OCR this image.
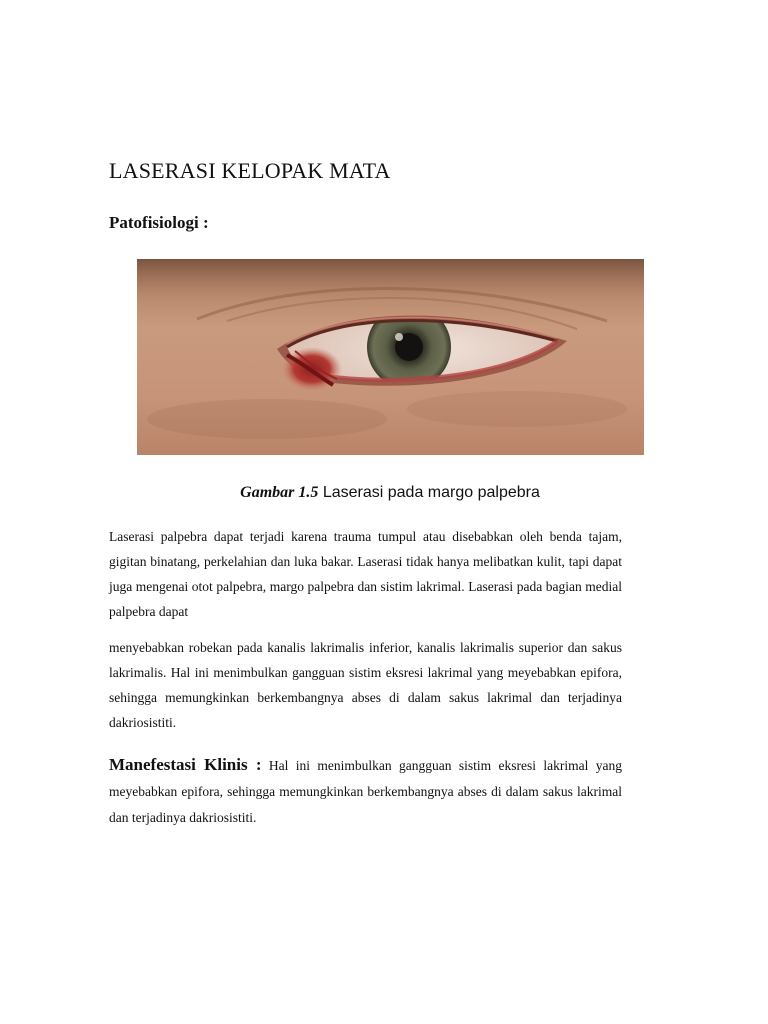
LASERASI KELOPAK MATA
Patofisiologi :
Gambar 1.5 Laserasi pada margo palpebra

Laserasi palpebra dapat terjadi karena trauma tumpul atau disebabkan oleh benda tajam, gigitan binatang, perkelahian dan luka bakar. Laserasi tidak hanya melibatkan kulit, tapi dapat juga mengenai otot palpebra, margo palpebra dan sistim lakrimal. Laserasi pada bagian medial palpebra dapat

menyebabkan robekan pada kanalis lakrimalis inferior, kanalis lakrimalis superior dan sakus lakrimalis. Hal ini menimbulkan gangguan sistim eksresi lakrimal yang meyebabkan epifora, sehingga memungkinkan berkembangnya abses di dalam sakus lakrimal dan terjadinya dakriosistiti.

Manefestasi Klinis : Hal ini menimbulkan gangguan sistim eksresi lakrimal yang meyebabkan epifora, sehingga memungkinkan berkembangnya abses di dalam sakus lakrimal dan terjadinya dakriosistiti.
